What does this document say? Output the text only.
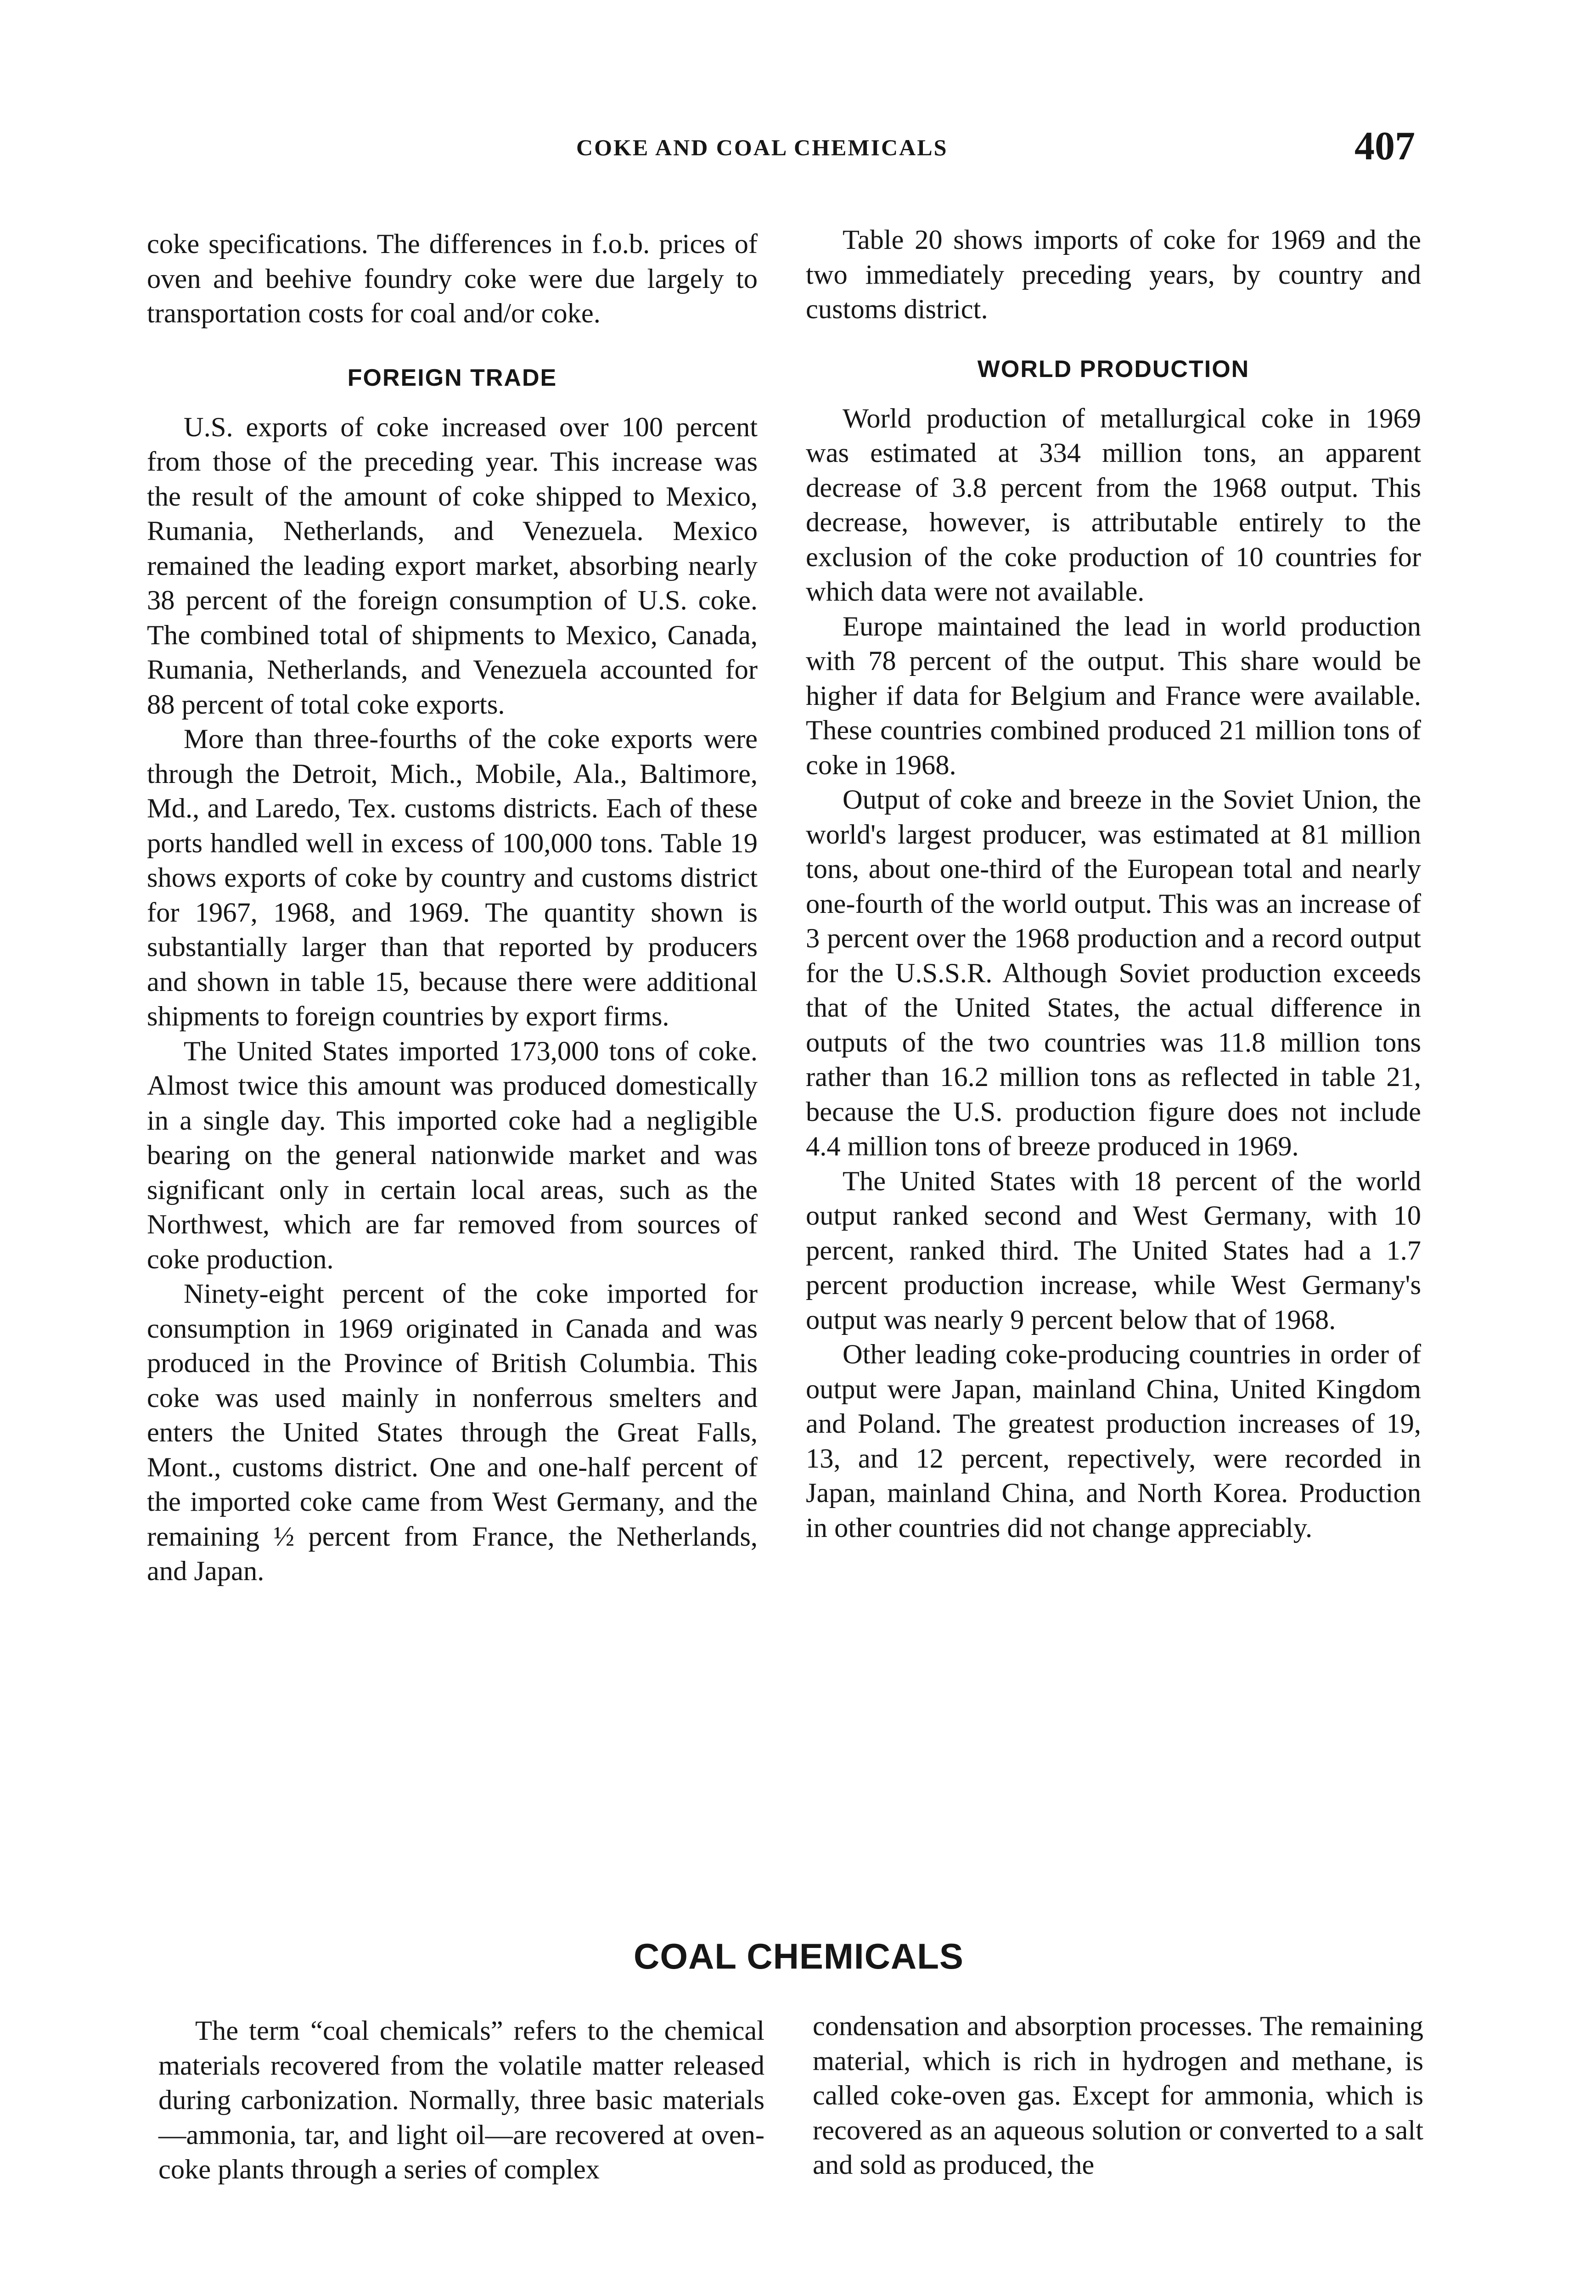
COKE AND COAL CHEMICALS	407

coke specifications. The differences in f.o.b. prices of oven and beehive foundry coke were due largely to transportation costs for coal and/or coke.

FOREIGN TRADE

U.S. exports of coke increased over 100 percent from those of the preceding year. This increase was the result of the amount of coke shipped to Mexico, Rumania, Netherlands, and Venezuela. Mexico remained the leading export market, absorbing nearly 38 percent of the foreign consumption of U.S. coke. The combined total of shipments to Mexico, Canada, Rumania, Netherlands, and Venezuela accounted for 88 percent of total coke exports.

More than three-fourths of the coke exports were through the Detroit, Mich., Mobile, Ala., Baltimore, Md., and Laredo, Tex. customs districts. Each of these ports handled well in excess of 100,000 tons. Table 19 shows exports of coke by country and customs district for 1967, 1968, and 1969. The quantity shown is substantially larger than that reported by producers and shown in table 15, because there were additional shipments to foreign countries by export firms.

The United States imported 173,000 tons of coke. Almost twice this amount was produced domestically in a single day. This imported coke had a negligible bearing on the general nationwide market and was significant only in certain local areas, such as the Northwest, which are far removed from sources of coke production.

Ninety-eight percent of the coke imported for consumption in 1969 originated in Canada and was produced in the Province of British Columbia. This coke was used mainly in nonferrous smelters and enters the United States through the Great Falls, Mont., customs district. One and one-half percent of the imported coke came from West Germany, and the remaining ½ percent from France, the Netherlands, and Japan.

Table 20 shows imports of coke for 1969 and the two immediately preceding years, by country and customs district.

WORLD PRODUCTION

World production of metallurgical coke in 1969 was estimated at 334 million tons, an apparent decrease of 3.8 percent from the 1968 output. This decrease, however, is attributable entirely to the exclusion of the coke production of 10 countries for which data were not available.

Europe maintained the lead in world production with 78 percent of the output. This share would be higher if data for Belgium and France were available. These countries combined produced 21 million tons of coke in 1968.

Output of coke and breeze in the Soviet Union, the world's largest producer, was estimated at 81 million tons, about one-third of the European total and nearly one-fourth of the world output. This was an increase of 3 percent over the 1968 production and a record output for the U.S.S.R. Although Soviet production exceeds that of the United States, the actual difference in outputs of the two countries was 11.8 million tons rather than 16.2 million tons as reflected in table 21, because the U.S. production figure does not include 4.4 million tons of breeze produced in 1969.

The United States with 18 percent of the world output ranked second and West Germany, with 10 percent, ranked third. The United States had a 1.7 percent production increase, while West Germany's output was nearly 9 percent below that of 1968.

Other leading coke-producing countries in order of output were Japan, mainland China, United Kingdom and Poland. The greatest production increases of 19, 13, and 12 percent, repectively, were recorded in Japan, mainland China, and North Korea. Production in other countries did not change appreciably.

COAL CHEMICALS

The term “coal chemicals” refers to the chemical materials recovered from the volatile matter released during carbonization. Normally, three basic materials—ammonia, tar, and light oil—are recovered at oven-coke plants through a series of complex

condensation and absorption processes. The remaining material, which is rich in hydrogen and methane, is called coke-oven gas. Except for ammonia, which is recovered as an aqueous solution or converted to a salt and sold as produced, the
